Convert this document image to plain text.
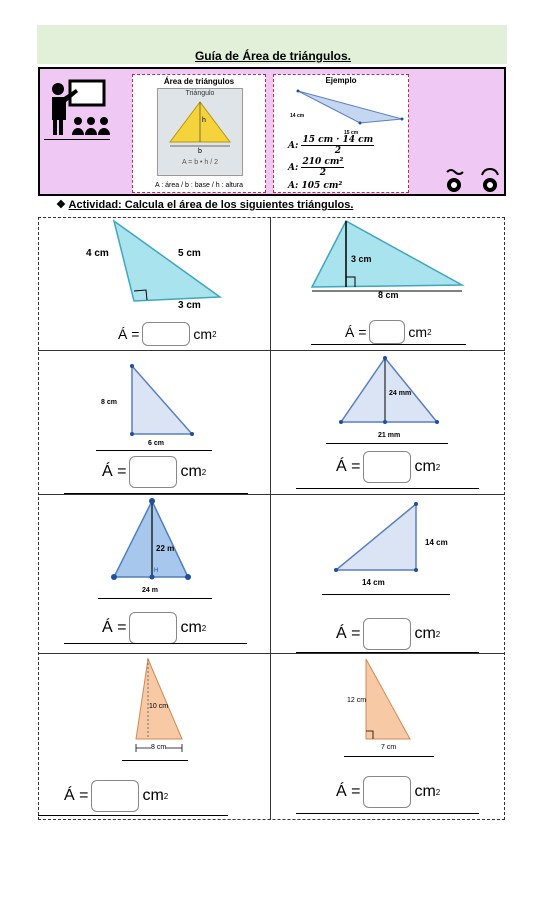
Guía de Área de triángulos.
Área de triángulos
Triángulo
h
b
A = b • h / 2
A : área / b : base / h : altura
Ejemplo
14 cm
15 cm
A: $\frac{15 cm \cdot 14 cm}{2}$
A: $\frac{\text{210 cm²}}{2}$
A: 105 cm²
❖ Actividad: Calcula el área de los siguientes triángulos.
4 cm	5 cm
3 cm
Á =	cm 2
3 cm
8 cm
Á =	cm 2
8 cm
6 cm
Á =	cm 2
24 mm
21 mm
Á =	cm 2
22 m
H
24 m
Á =	cm 2
14 cm
14 cm
Á =	cm 2
10 cm
8 cm
Á =	cm 2
12 cm
7 cm
Á =	cm 2
